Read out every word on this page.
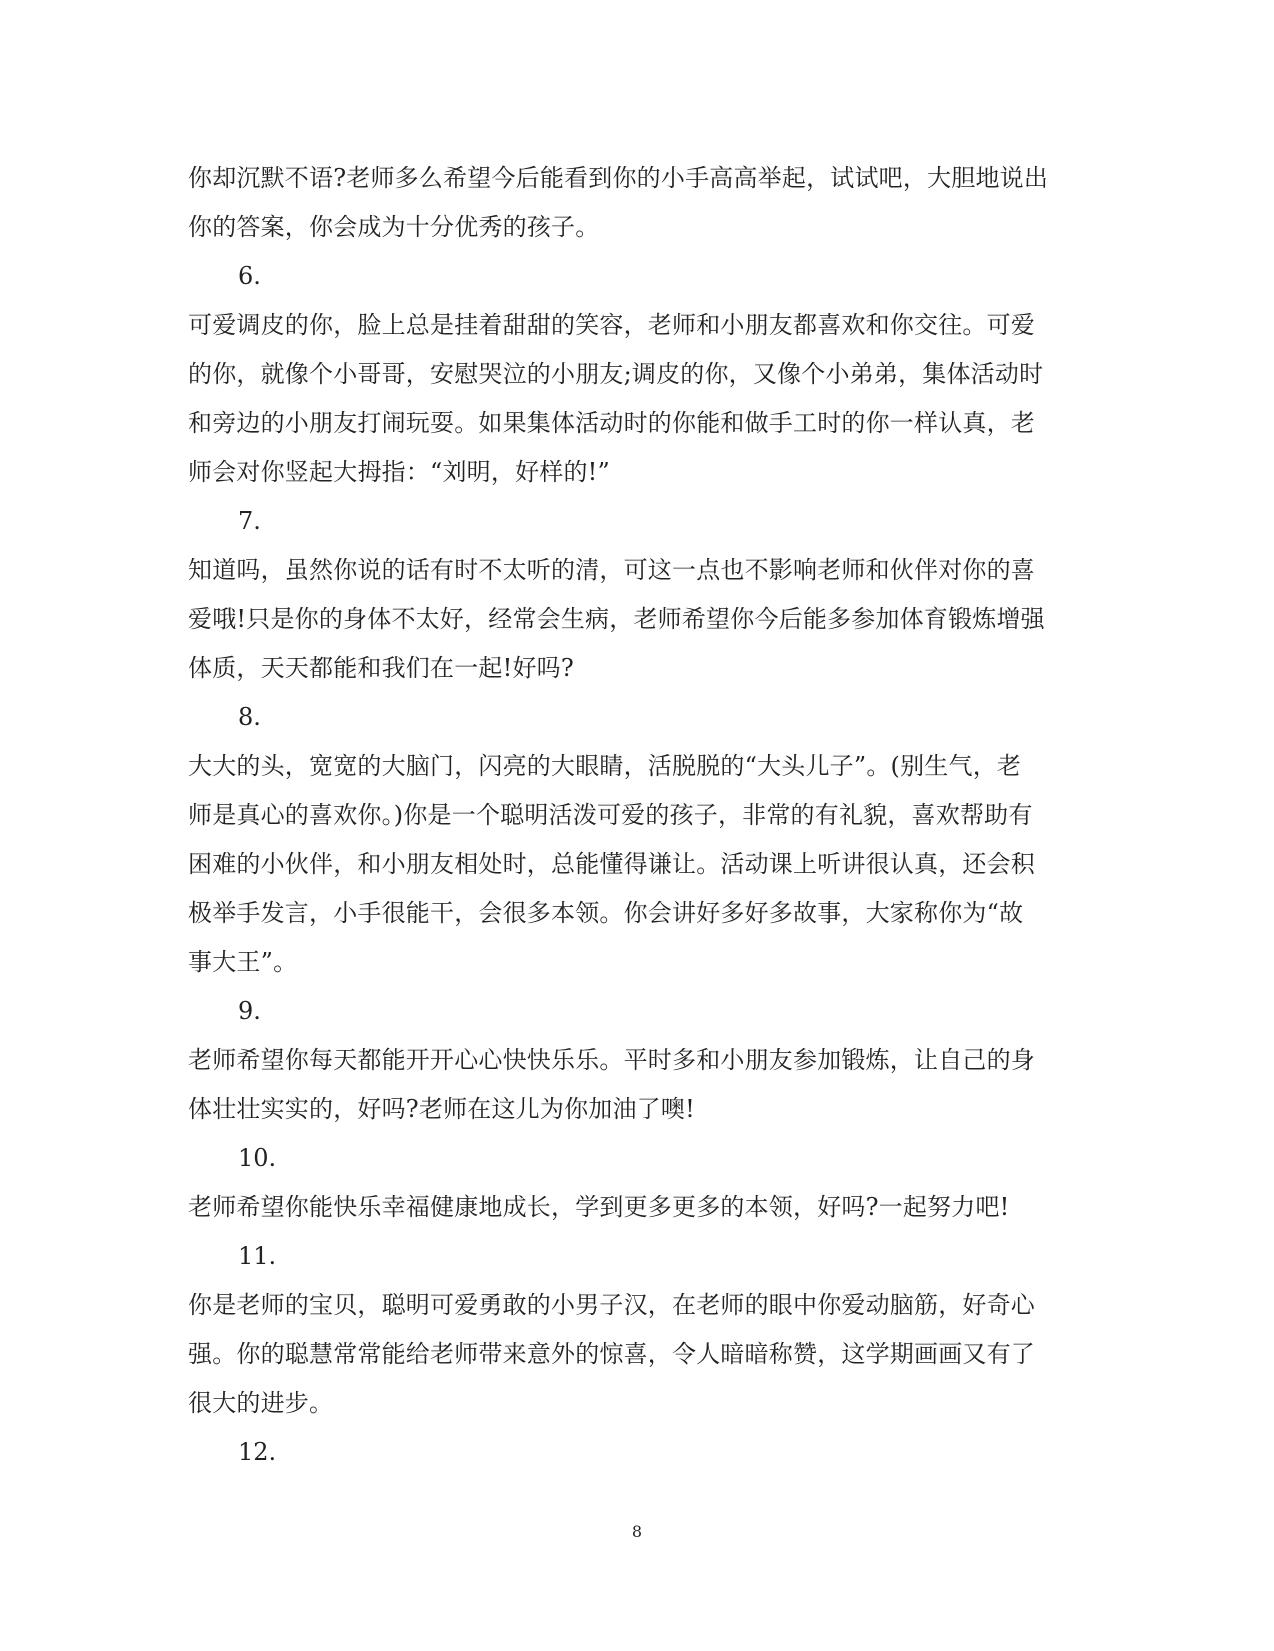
你却沉默不语?老师多么希望今后能看到你的小手高高举起，试试吧，大胆地说出
你的答案，你会成为十分优秀的孩子。
6.
可爱调皮的你，脸上总是挂着甜甜的笑容，老师和小朋友都喜欢和你交往。可爱
的你，就像个小哥哥，安慰哭泣的小朋友;调皮的你，又像个小弟弟，集体活动时
和旁边的小朋友打闹玩耍。如果集体活动时的你能和做手工时的你一样认真，老
师会对你竖起大拇指：“刘明，好样的!”
7.
知道吗，虽然你说的话有时不太听的清，可这一点也不影响老师和伙伴对你的喜
爱哦!只是你的身体不太好，经常会生病，老师希望你今后能多参加体育锻炼增强
体质，天天都能和我们在一起!好吗?
8.
大大的头，宽宽的大脑门，闪亮的大眼睛，活脱脱的“大头儿子”。(别生气，老
师是真心的喜欢你。)你是一个聪明活泼可爱的孩子，非常的有礼貌，喜欢帮助有
困难的小伙伴，和小朋友相处时，总能懂得谦让。活动课上听讲很认真，还会积
极举手发言，小手很能干，会很多本领。你会讲好多好多故事，大家称你为“故
事大王”。
9.
老师希望你每天都能开开心心快快乐乐。平时多和小朋友参加锻炼，让自己的身
体壮壮实实的，好吗?老师在这儿为你加油了噢!
10.
老师希望你能快乐幸福健康地成长，学到更多更多的本领，好吗?一起努力吧!
11.
你是老师的宝贝，聪明可爱勇敢的小男子汉，在老师的眼中你爱动脑筋，好奇心
强。你的聪慧常常能给老师带来意外的惊喜，令人暗暗称赞，这学期画画又有了
很大的进步。
12.
8
